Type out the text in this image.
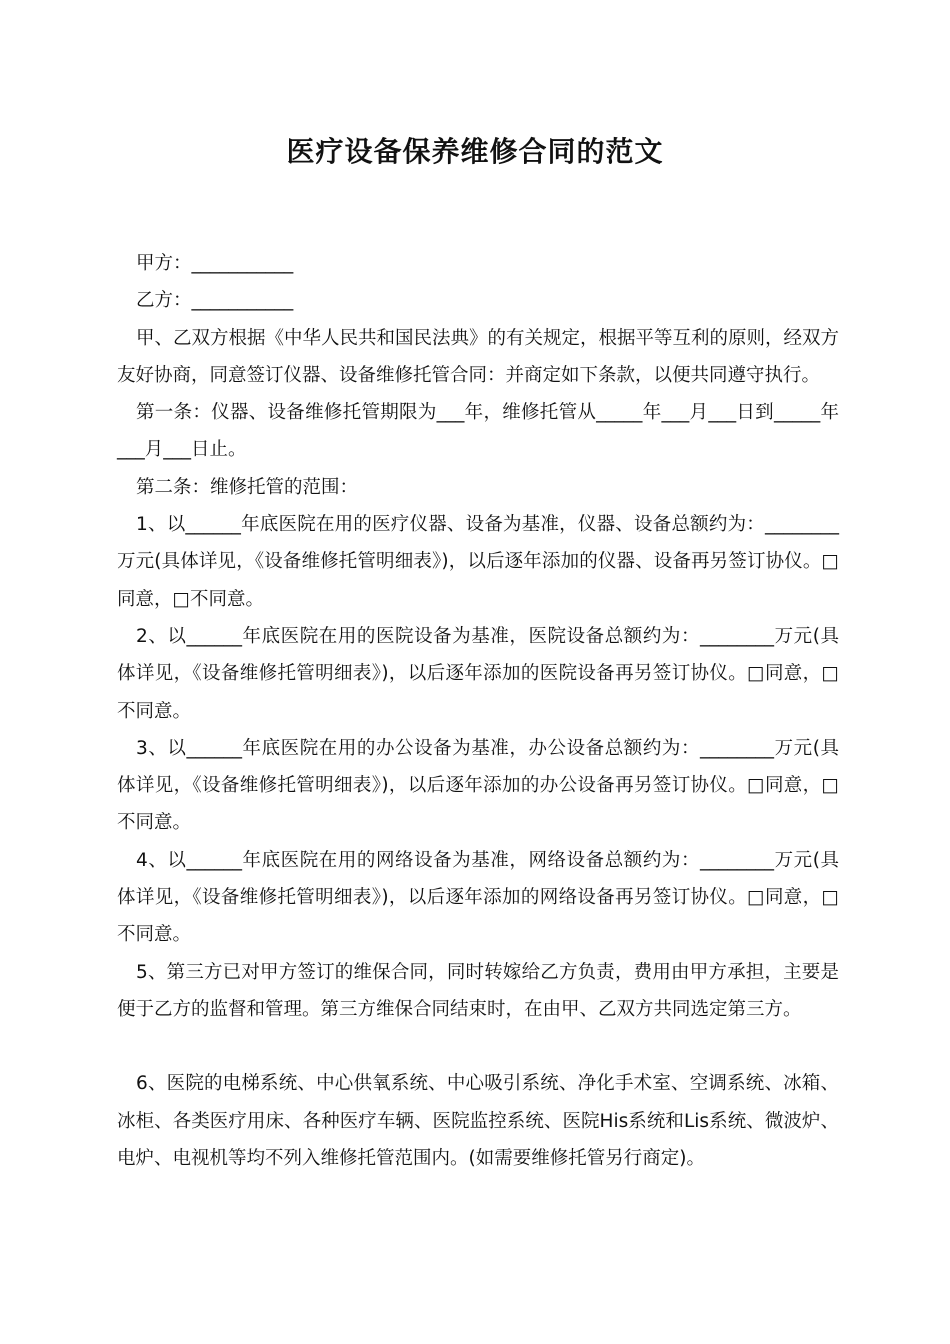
医疗设备保养维修合同的范文

甲方：___________

乙方：___________

甲、乙双方根据《中华人民共和国民法典》的有关规定，根据平等互利的原则，经双方友好协商，同意签订仪器、设备维修托管合同：并商定如下条款，以便共同遵守执行。

第一条：仪器、设备维修托管期限为___年，维修托管从_____年___月___日到_____年___月___日止。

第二条：维修托管的范围：

1、以______年底医院在用的医疗仪器、设备为基准，仪器、设备总额约为：________万元(具体详见，《设备维修托管明细表》)，以后逐年添加的仪器、设备再另签订协仪。□同意，□不同意。

2、以______年底医院在用的医院设备为基准，医院设备总额约为：________万元(具体详见，《设备维修托管明细表》)，以后逐年添加的医院设备再另签订协仪。□同意，□不同意。

3、以______年底医院在用的办公设备为基准，办公设备总额约为：________万元(具体详见，《设备维修托管明细表》)，以后逐年添加的办公设备再另签订协仪。□同意，□不同意。

4、以______年底医院在用的网络设备为基准，网络设备总额约为：________万元(具体详见，《设备维修托管明细表》)，以后逐年添加的网络设备再另签订协仪。□同意，□不同意。

5、第三方已对甲方签订的维保合同，同时转嫁给乙方负责，费用由甲方承担，主要是便于乙方的监督和管理。第三方维保合同结束时，在由甲、乙双方共同选定第三方。

6、医院的电梯系统、中心供氧系统、中心吸引系统、净化手术室、空调系统、冰箱、冰柜、各类医疗用床、各种医疗车辆、医院监控系统、医院His系统和Lis系统、微波炉、电炉、电视机等均不列入维修托管范围内。(如需要维修托管另行商定)。
